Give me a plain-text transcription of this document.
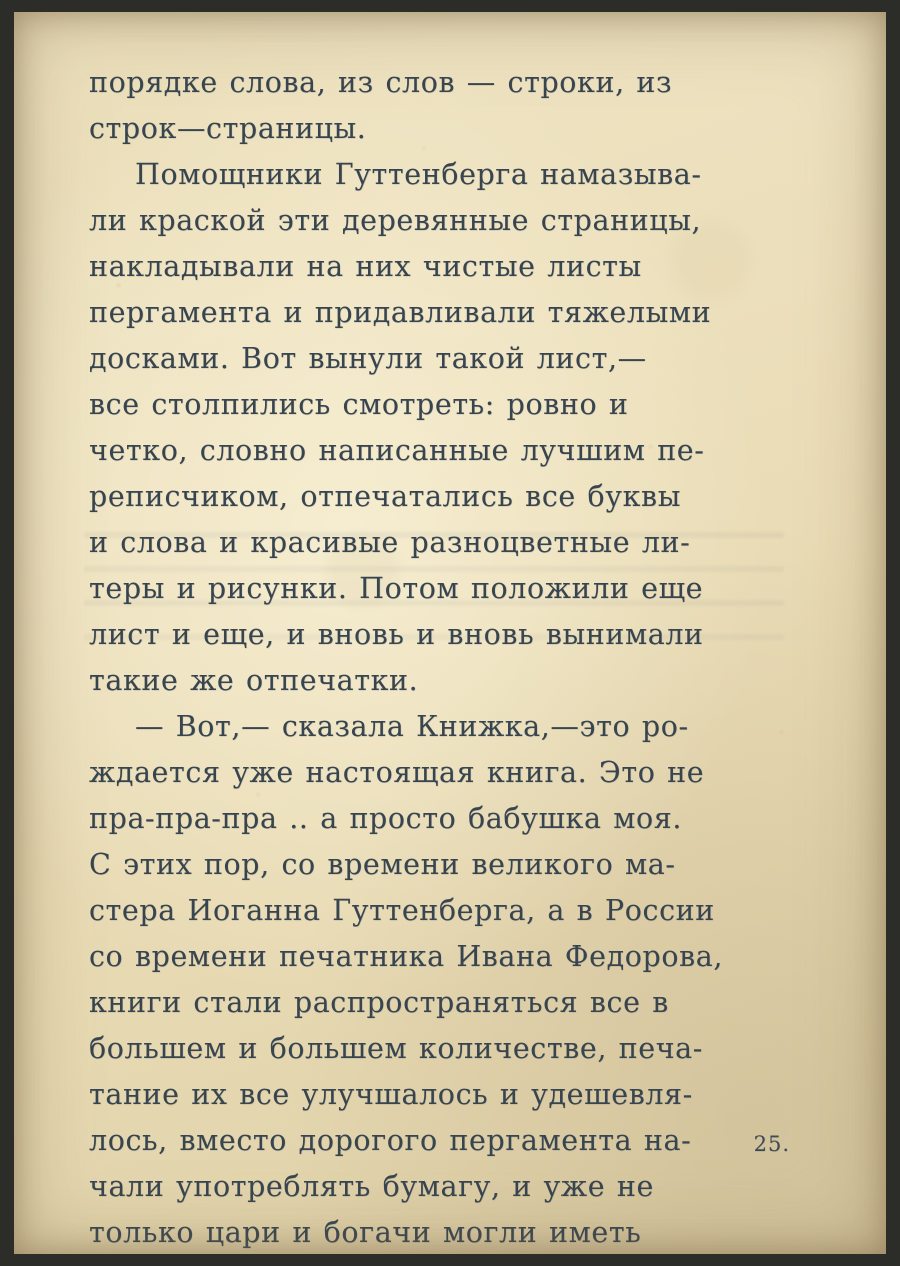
порядке слова, из слов — строки, из
строк—страницы.

Помощники Гуттенберга намазыва-
ли краской эти деревянные страницы,
накладывали на них чистые листы
пергамента и придавливали тяжелыми
досками. Вот вынули такой лист,—
все столпились смотреть: ровно и
четко, словно написанные лучшим пе-
реписчиком, отпечатались все буквы
и слова и красивые разноцветные ли-
теры и рисунки. Потом положили еще
лист и еще, и вновь и вновь вынимали
такие же отпечатки.

— Вот,— сказала Книжка,—это ро-
ждается уже настоящая книга. Это не
пра-пра-пра .. а просто бабушка моя.
С этих пор, со времени великого ма-
стера Иоганна Гуттенберга, а в России
со времени печатника Ивана Федорова,
книги стали распространяться все в
большем и большем количестве, печа-
тание их все улучшалось и удешевля-
лось, вместо дорогого пергамента на-
чали употреблять бумагу, и уже не
только цари и богачи могли иметь

25.
